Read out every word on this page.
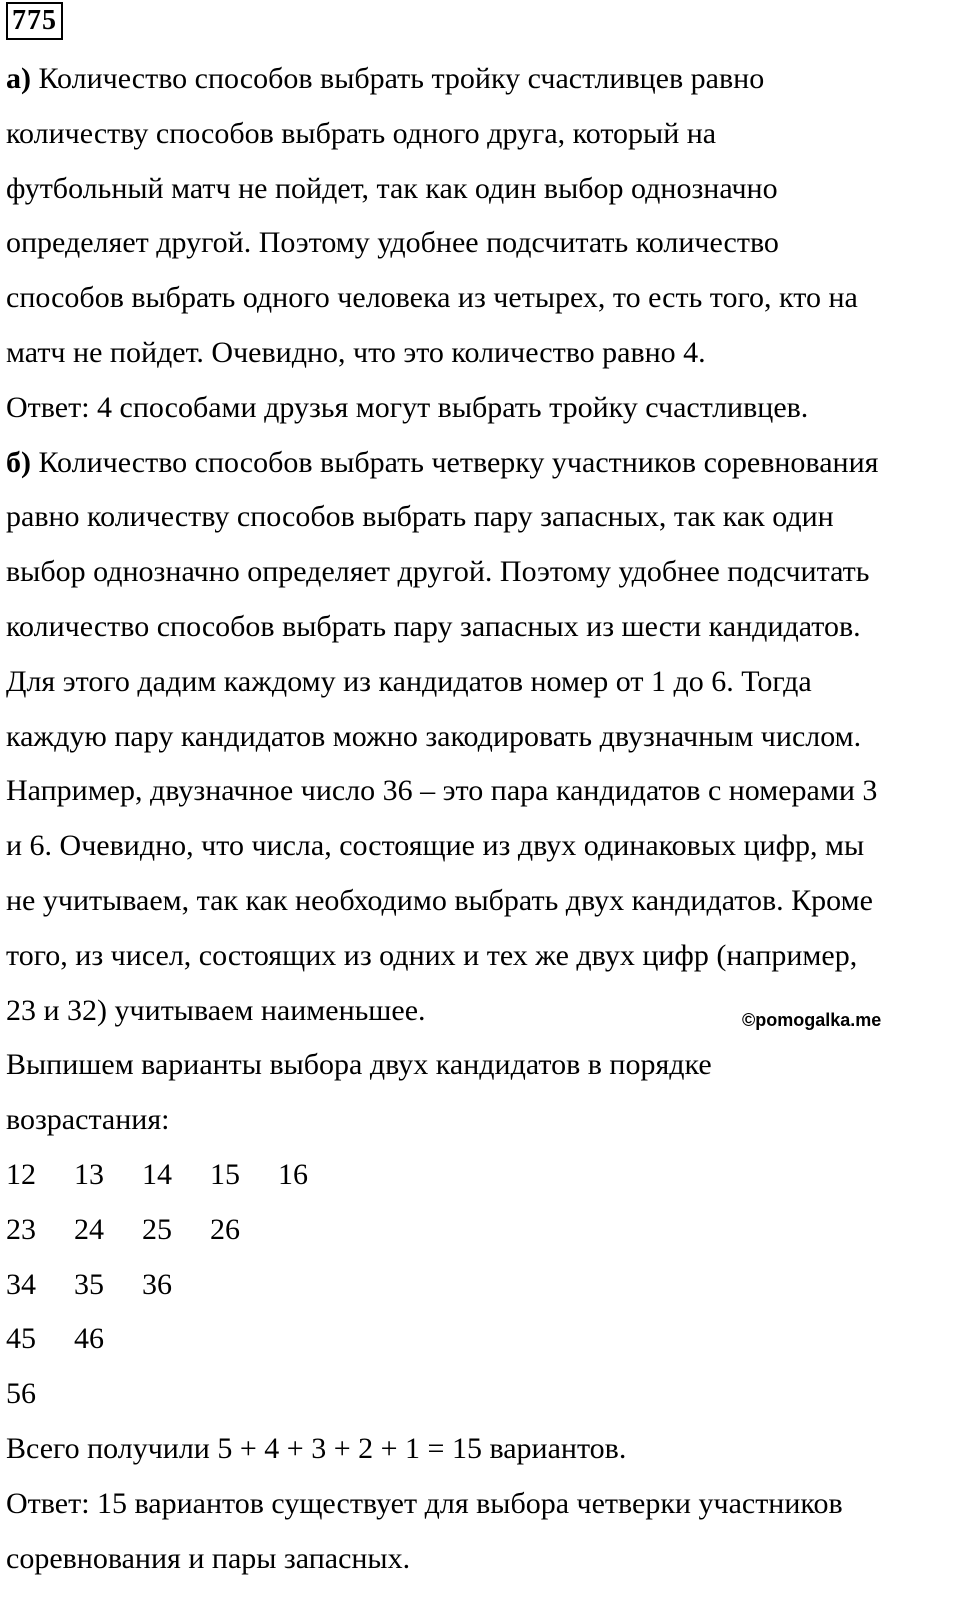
775
а) Количество способов выбрать тройку счастливцев равно
количеству способов выбрать одного друга, который на
футбольный матч не пойдет, так как один выбор однозначно
определяет другой. Поэтому удобнее подсчитать количество
способов выбрать одного человека из четырех, то есть того, кто на
матч не пойдет. Очевидно, что это количество равно 4.
Ответ: 4 способами друзья могут выбрать тройку счастливцев.
б) Количество способов выбрать четверку участников соревнования
равно количеству способов выбрать пару запасных, так как один
выбор однозначно определяет другой. Поэтому удобнее подсчитать
количество способов выбрать пару запасных из шести кандидатов.
Для этого дадим каждому из кандидатов номер от 1 до 6. Тогда
каждую пару кандидатов можно закодировать двузначным числом.
Например, двузначное число 36 – это пара кандидатов с номерами 3
и 6. Очевидно, что числа, состоящие из двух одинаковых цифр, мы
не учитываем, так как необходимо выбрать двух кандидатов. Кроме
того, из чисел, состоящих из одних и тех же двух цифр (например,
23 и 32) учитываем наименьшее.
Выпишем варианты выбора двух кандидатов в порядке
возрастания:
12 13 14 15 16
23 24 25 26
34 35 36
45 46
56
Всего получили 5 + 4 + 3 + 2 + 1 = 15 вариантов.
Ответ: 15 вариантов существует для выбора четверки участников
соревнования и пары запасных.
©pomogalka.me
